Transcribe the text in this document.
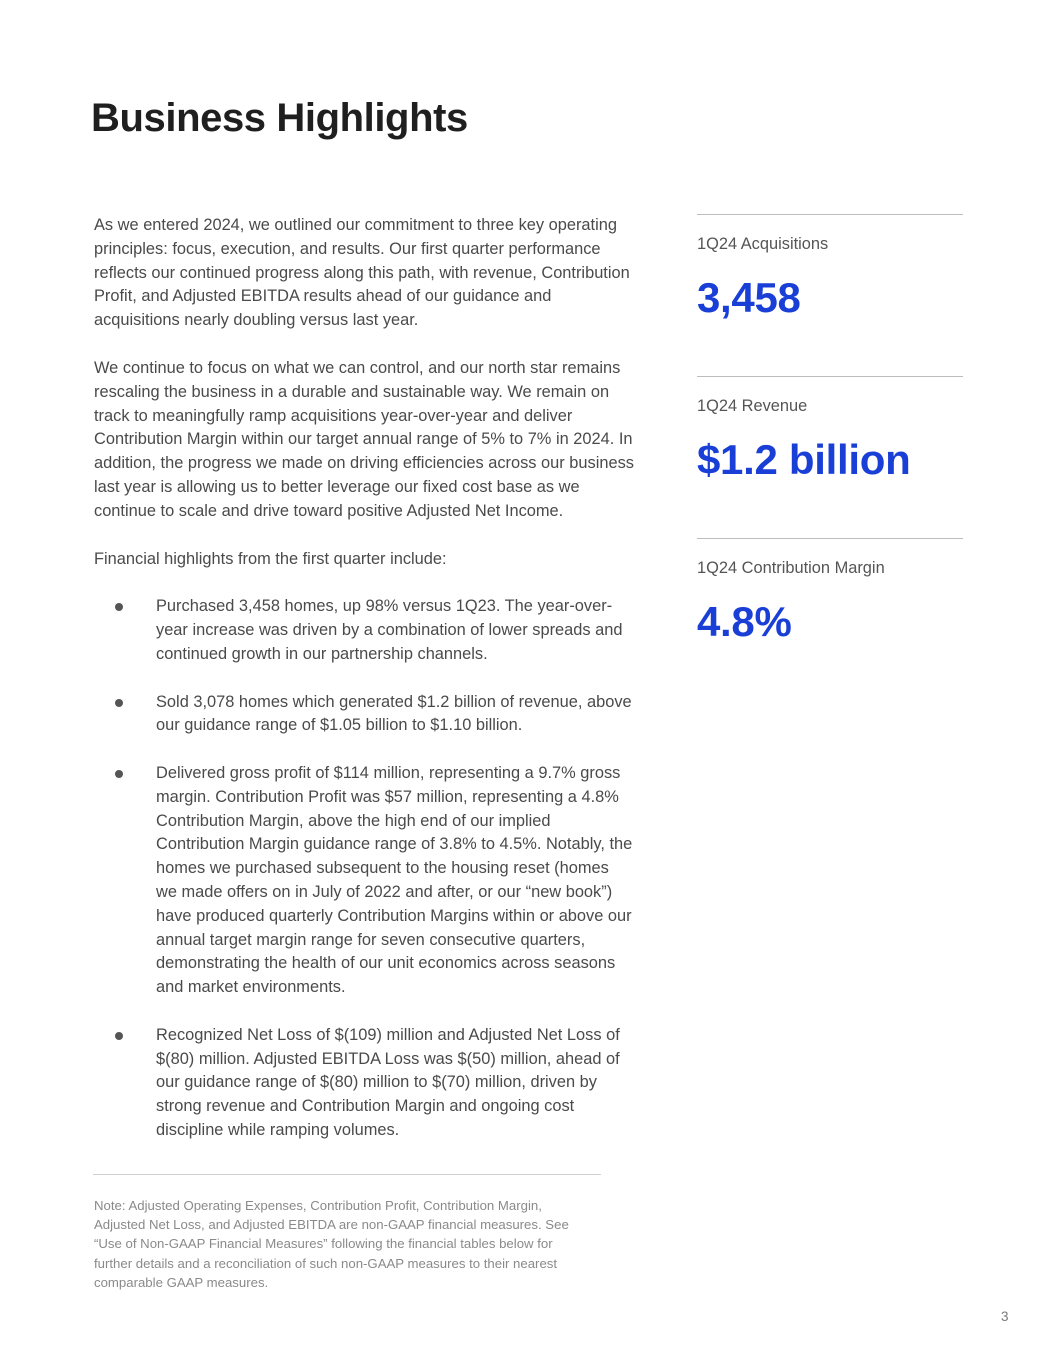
Business Highlights

As we entered 2024, we outlined our commitment to three key operating principles: focus, execution, and results. Our first quarter performance reflects our continued progress along this path, with revenue, Contribution Profit, and Adjusted EBITDA results ahead of our guidance and acquisitions nearly doubling versus last year.

We continue to focus on what we can control, and our north star remains rescaling the business in a durable and sustainable way. We remain on track to meaningfully ramp acquisitions year-over-year and deliver Contribution Margin within our target annual range of 5% to 7% in 2024. In addition, the progress we made on driving efficiencies across our business last year is allowing us to better leverage our fixed cost base as we continue to scale and drive toward positive Adjusted Net Income.

Financial highlights from the first quarter include:

Purchased 3,458 homes, up 98% versus 1Q23. The year-over-year increase was driven by a combination of lower spreads and continued growth in our partnership channels.
Sold 3,078 homes which generated $1.2 billion of revenue, above our guidance range of $1.05 billion to $1.10 billion.
Delivered gross profit of $114 million, representing a 9.7% gross margin. Contribution Profit was $57 million, representing a 4.8% Contribution Margin, above the high end of our implied Contribution Margin guidance range of 3.8% to 4.5%. Notably, the homes we purchased subsequent to the housing reset (homes we made offers on in July of 2022 and after, or our “new book”) have produced quarterly Contribution Margins within or above our annual target margin range for seven consecutive quarters, demonstrating the health of our unit economics across seasons and market environments.
Recognized Net Loss of $(109) million and Adjusted Net Loss of $(80) million. Adjusted EBITDA Loss was $(50) million, ahead of our guidance range of $(80) million to $(70) million, driven by strong revenue and Contribution Margin and ongoing cost discipline while ramping volumes.

Note: Adjusted Operating Expenses, Contribution Profit, Contribution Margin, Adjusted Net Loss, and Adjusted EBITDA are non-GAAP financial measures. See “Use of Non-GAAP Financial Measures” following the financial tables below for further details and a reconciliation of such non-GAAP measures to their nearest comparable GAAP measures.

1Q24 Acquisitions
3,458
1Q24 Revenue
$1.2 billion
1Q24 Contribution Margin
4.8%
3
